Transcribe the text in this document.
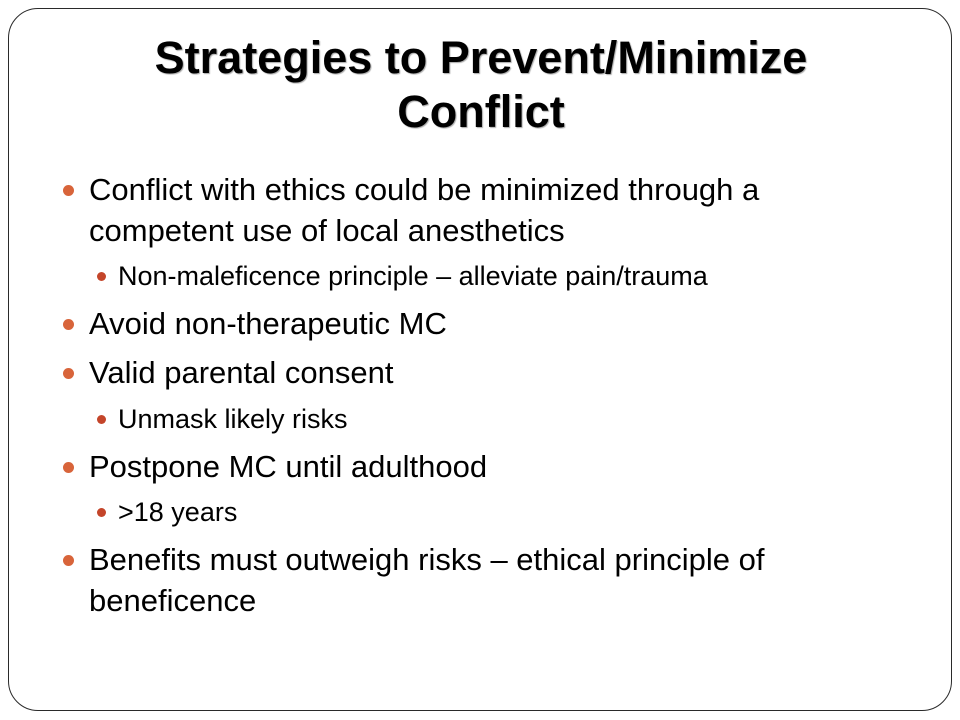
Strategies to Prevent/Minimize
Conflict
Conflict with ethics could be minimized through a competent use of local anesthetics
Non-maleficence principle – alleviate pain/trauma
Avoid non-therapeutic MC
Valid parental consent
Unmask likely risks
Postpone MC until adulthood
>18 years
Benefits must outweigh risks – ethical principle of beneficence
